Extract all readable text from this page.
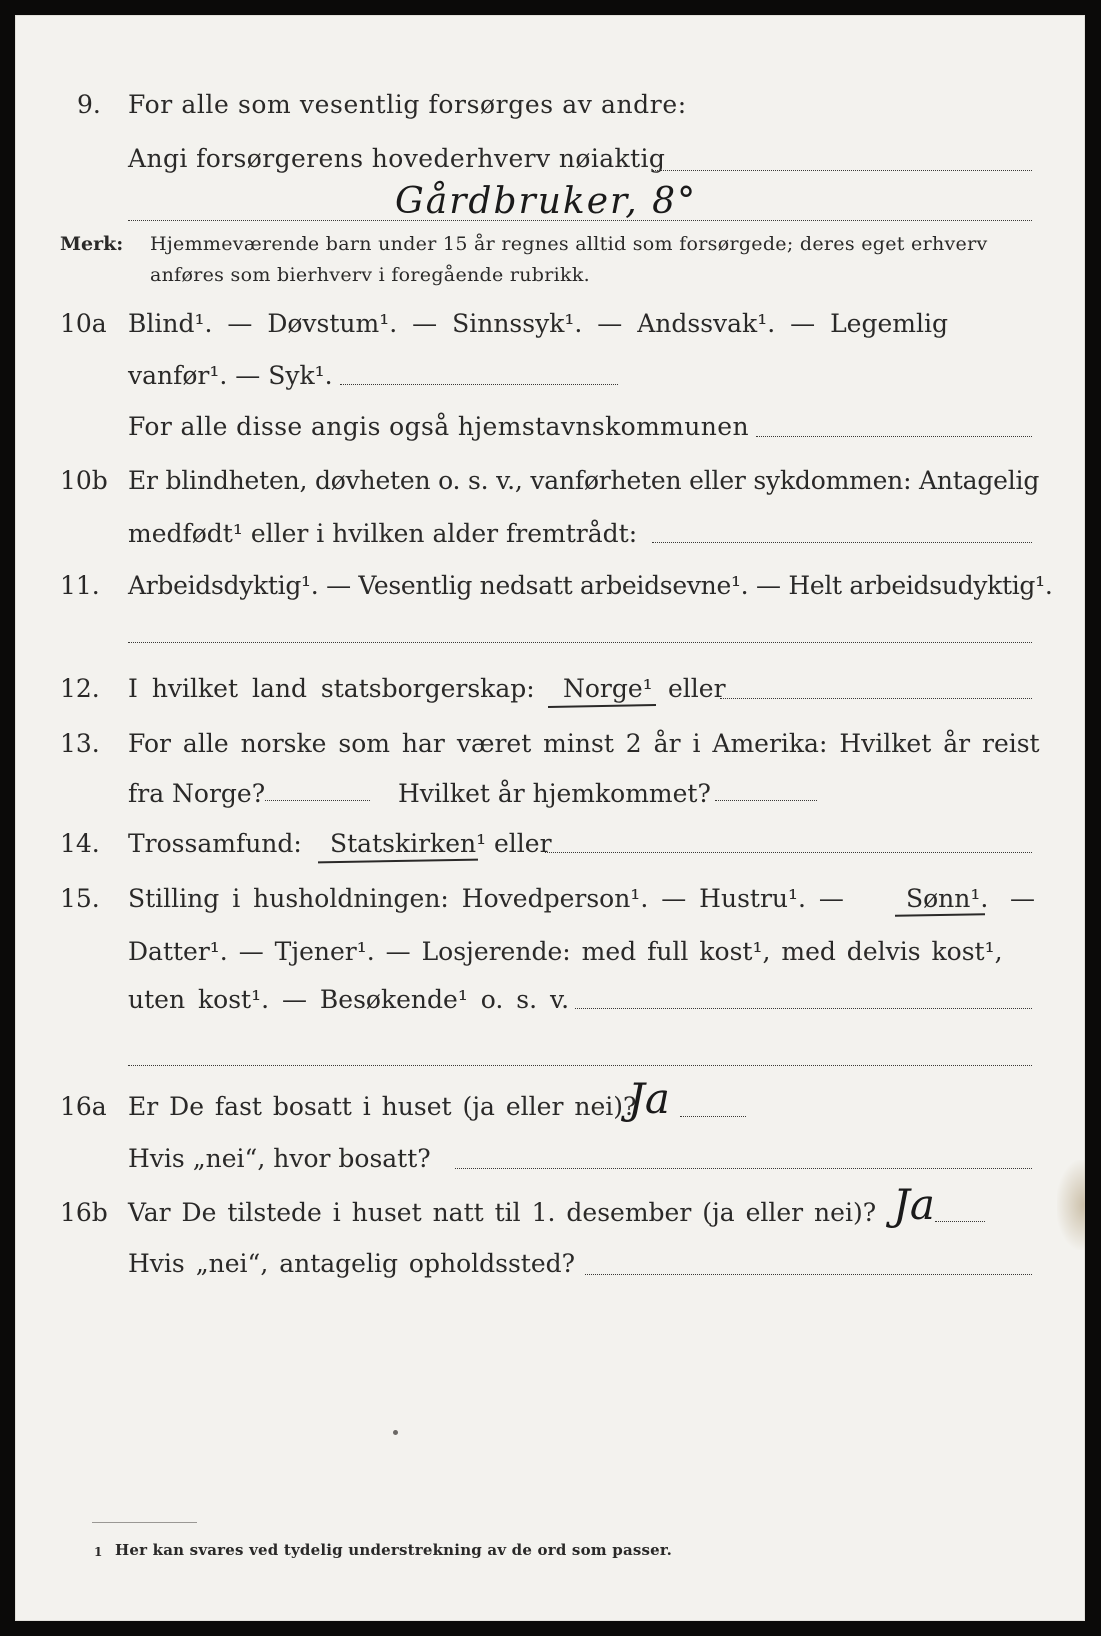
9. For alle som vesentlig forsørges av andre:
Angi forsørgerens hovederhverv nøiaktig
Gårdbruker, 8°
Merk: Hjemmeværende barn under 15 år regnes alltid som forsørgede; deres eget erhverv
anføres som bierhverv i foregående rubrikk.
10a Blind¹. — Døvstum¹. — Sinnssyk¹. — Andssvak¹. — Legemlig
vanfør¹. — Syk¹.
For alle disse angis også hjemstavnskommunen
10b Er blindheten, døvheten o. s. v., vanførheten eller sykdommen: Antagelig
medfødt¹ eller i hvilken alder fremtrådt:
11. Arbeidsdyktig¹. — Vesentlig nedsatt arbeidsevne¹. — Helt arbeidsudyktig¹.
12. I hvilket land statsborgerskap: Norge¹ eller
13. For alle norske som har været minst 2 år i Amerika: Hvilket år reist
fra Norge?	Hvilket år hjemkommet?
14. Trossamfund: Statskirken¹ eller
15. Stilling i husholdningen: Hovedperson¹. — Hustru¹. — Sønn¹. —
Datter¹. — Tjener¹. — Losjerende: med full kost¹, med delvis kost¹,
uten kost¹. — Besøkende¹ o. s. v.
16a Er De fast bosatt i huset (ja eller nei)?
Ja
Hvis „nei“, hvor bosatt?
16b Var De tilstede i huset natt til 1. desember (ja eller nei)? Ja
Hvis „nei“, antagelig opholdssted?
1 Her kan svares ved tydelig understrekning av de ord som passer.
